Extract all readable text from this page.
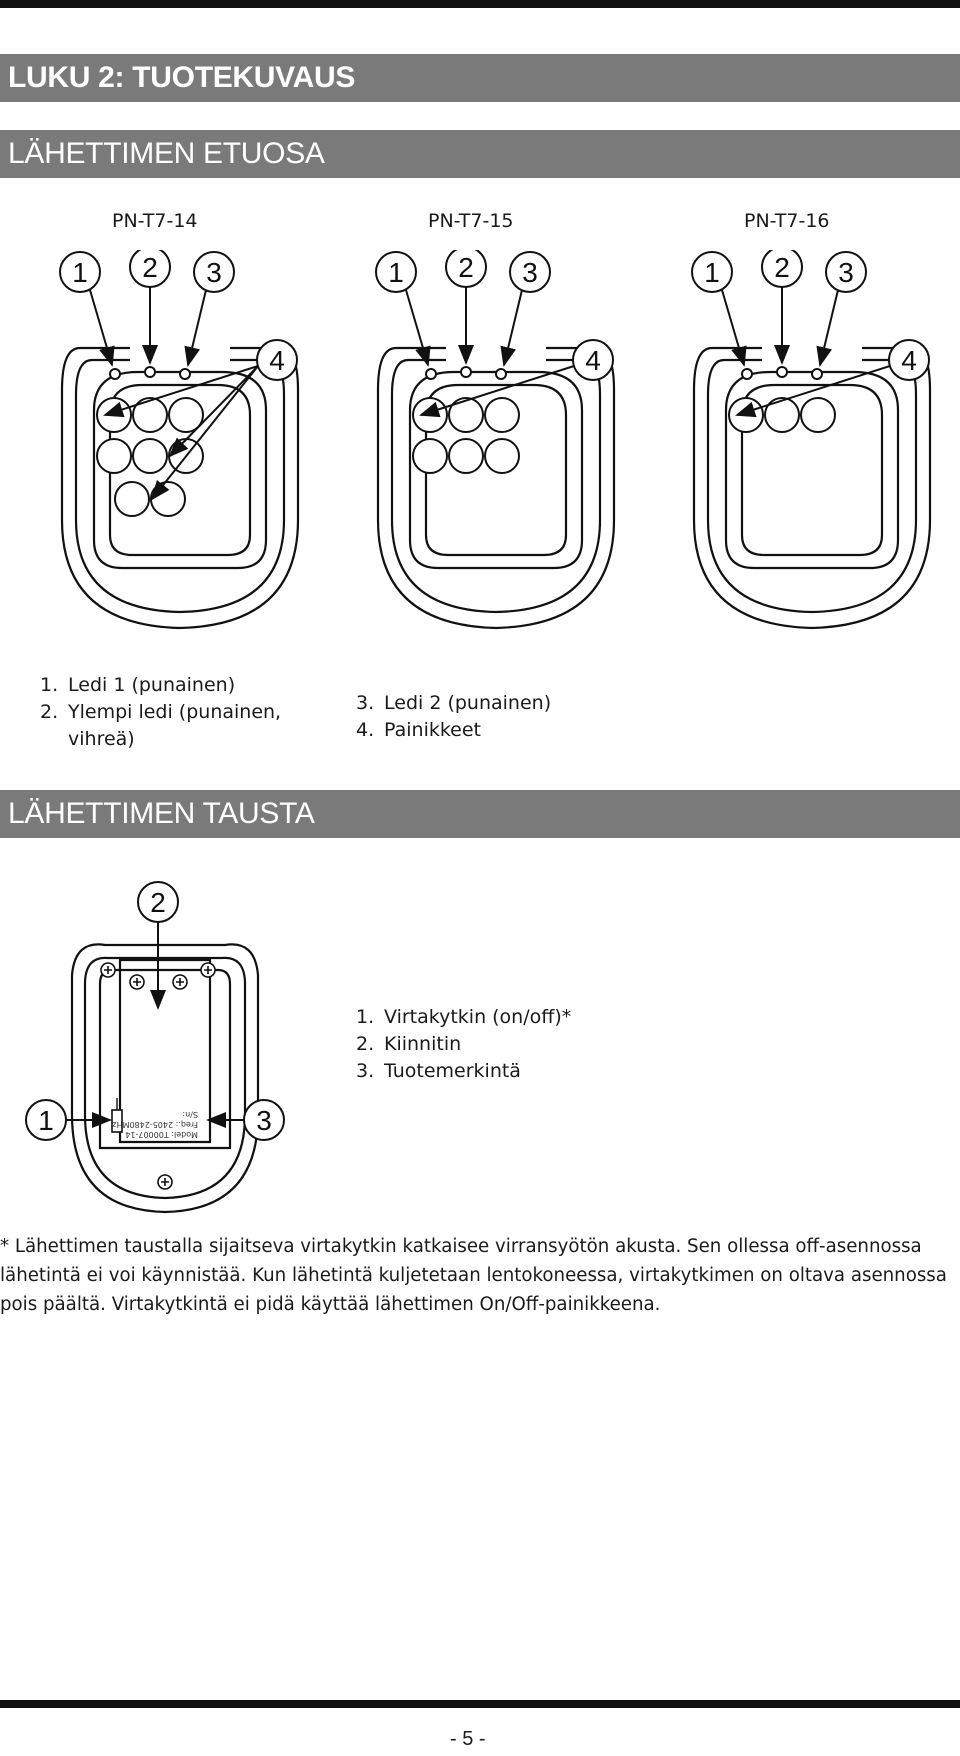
LUKU 2: TUOTEKUVAUS
LÄHETTIMEN ETUOSA
PN-T7-14	PN-T7-15	PN-T7-16
1 2 3
4
1 2 3
4
1 2 3
4
1. Ledi 1 (punainen)
2. Ylempi ledi (punainen,
vihreä)
3. Ledi 2 (punainen)
4. Painikkeet
LÄHETTIMEN TAUSTA
Model: T00007-14
Freq.: 2405-2480MHz
S/n:
2
1	3
1. Virtakytkin (on/off)*
2. Kiinnitin
3. Tuotemerkintä
* Lähettimen taustalla sijaitseva virtakytkin katkaisee virransyötön akusta. Sen ollessa off-asennossa lähetintä ei voi käynnistää. Kun lähetintä kuljetetaan lentokoneessa, virtakytkimen on oltava asennossa pois päältä. Virtakytkintä ei pidä käyttää lähettimen On/Off-painikkeena.
- 5 -
